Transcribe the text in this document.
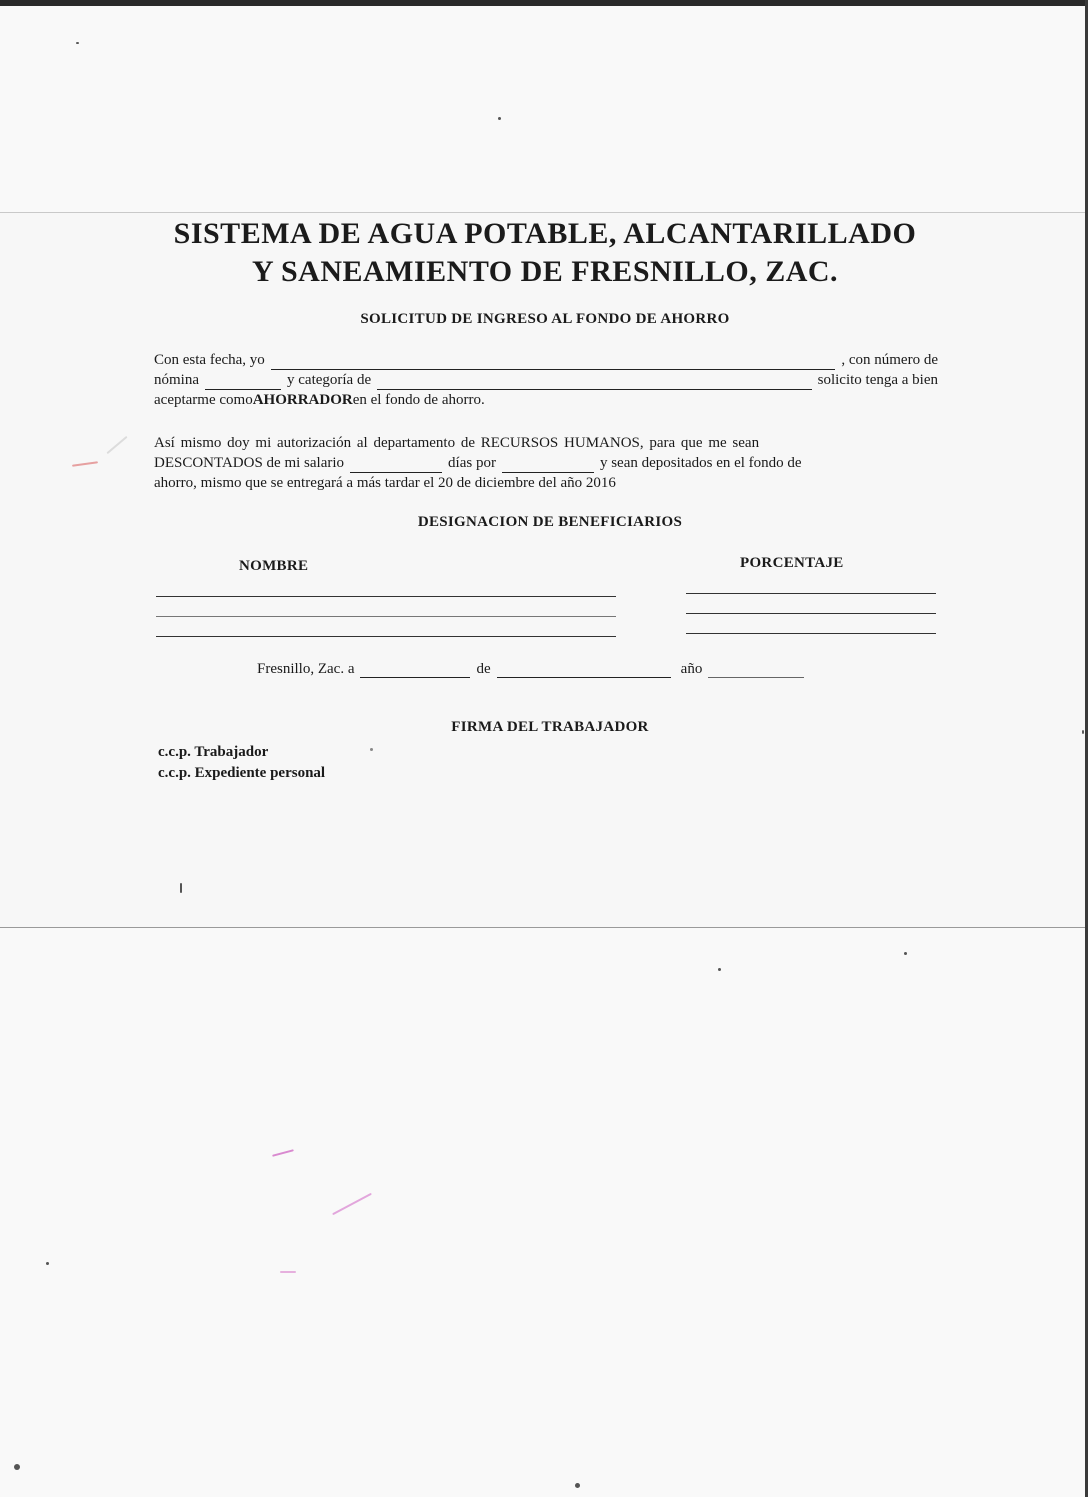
SISTEMA DE AGUA POTABLE, ALCANTARILLADO
Y SANEAMIENTO DE FRESNILLO, ZAC.
SOLICITUD DE INGRESO AL FONDO DE AHORRO
Con esta fecha, yo	, con número de
nómina	y categoría de	solicito tenga a bien
aceptarme como AHORRADOR en el fondo de ahorro.
Así mismo doy mi autorización al departamento de RECURSOS HUMANOS, para que me sean
DESCONTADOS de mi salario	días por	y sean depositados en el fondo de
ahorro, mismo que se entregará a más tardar el 20 de diciembre del año 2016
DESIGNACION DE BENEFICIARIOS
NOMBRE	PORCENTAJE
Fresnillo, Zac. a	de	año
FIRMA DEL TRABAJADOR
c.c.p. Trabajador
c.c.p. Expediente personal
